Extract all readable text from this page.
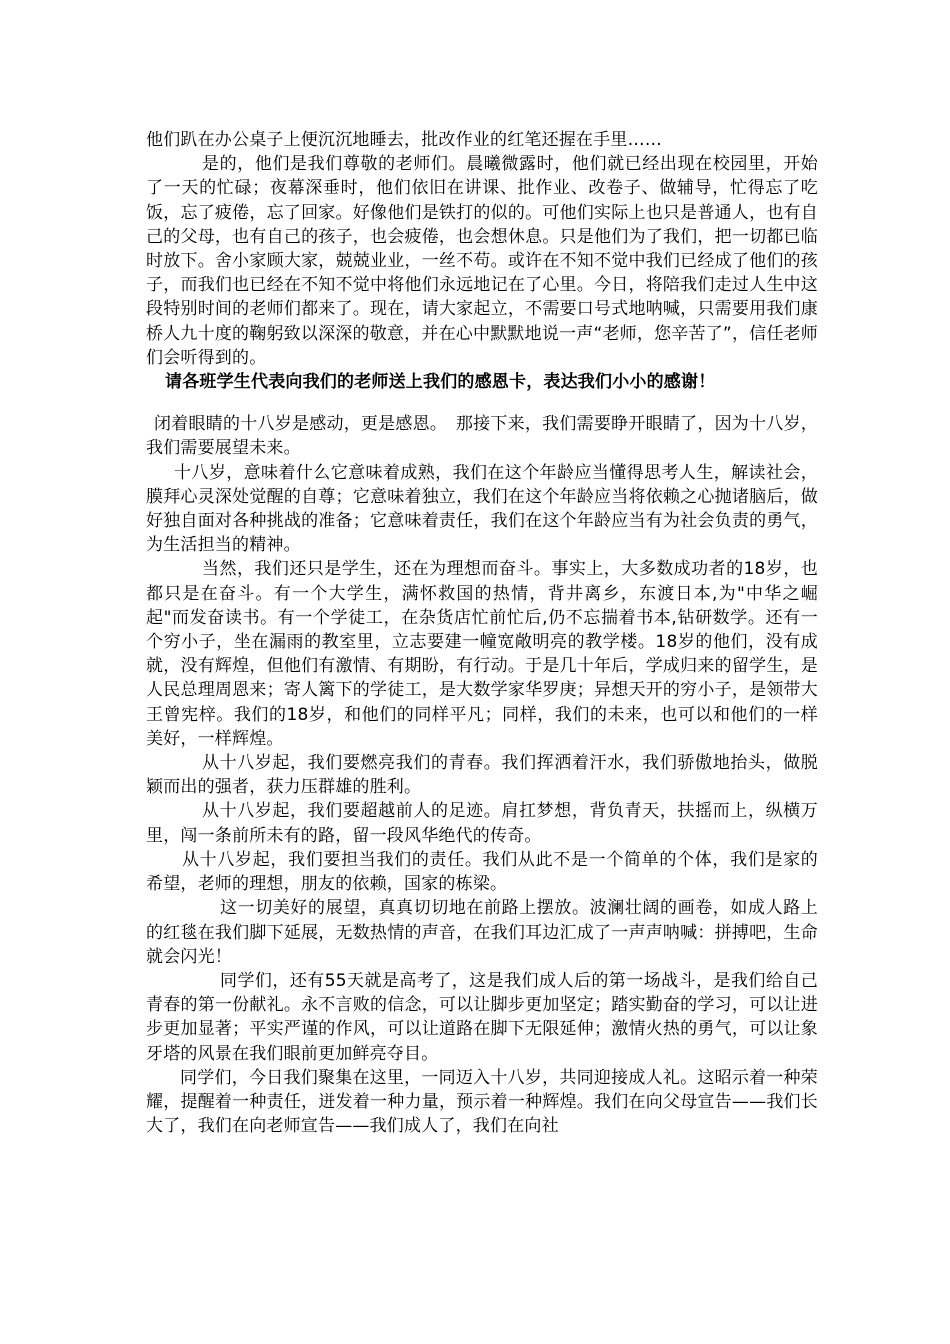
他们趴在办公桌子上便沉沉地睡去，批改作业的红笔还握在手里……

是的，他们是我们尊敬的老师们。晨曦微露时，他们就已经出现在校园里，开始了一天的忙碌；夜幕深垂时，他们依旧在讲课、批作业、改卷子、做辅导，忙得忘了吃饭，忘了疲倦，忘了回家。好像他们是铁打的似的。可他们实际上也只是普通人，也有自己的父母，也有自己的孩子，也会疲倦，也会想休息。只是他们为了我们，把一切都已临时放下。舍小家顾大家，兢兢业业，一丝不苟。或许在不知不觉中我们已经成了他们的孩子，而我们也已经在不知不觉中将他们永远地记在了心里。今日，将陪我们走过人生中这段特别时间的老师们都来了。现在，请大家起立，不需要口号式地呐喊，只需要用我们康桥人九十度的鞠躬致以深深的敬意，并在心中默默地说一声“老师，您辛苦了”，信任老师们会听得到的。

请各班学生代表向我们的老师送上我们的感恩卡，表达我们小小的感谢！

闭着眼睛的十八岁是感动，更是感恩。　那接下来，我们需要睁开眼睛了，因为十八岁，我们需要展望未来。

十八岁，意味着什么它意味着成熟，我们在这个年龄应当懂得思考人生，解读社会，膜拜心灵深处觉醒的自尊；它意味着独立，我们在这个年龄应当将依赖之心抛诸脑后，做好独自面对各种挑战的准备；它意味着责任，我们在这个年龄应当有为社会负责的勇气，为生活担当的精神。

当然，我们还只是学生，还在为理想而奋斗。事实上，大多数成功者的18岁，也都只是在奋斗。有一个大学生，满怀救国的热情，背井离乡，东渡日本,为"中华之崛起"而发奋读书。有一个学徒工，在杂货店忙前忙后,仍不忘揣着书本,钻研数学。还有一个穷小子，坐在漏雨的教室里，立志要建一幢宽敞明亮的教学楼。18岁的他们，没有成就，没有辉煌，但他们有激情、有期盼，有行动。于是几十年后，学成归来的留学生，是人民总理周恩来；寄人篱下的学徒工，是大数学家华罗庚；异想天开的穷小子，是领带大王曾宪梓。我们的18岁，和他们的同样平凡；同样，我们的未来，也可以和他们的一样美好，一样辉煌。

从十八岁起，我们要燃亮我们的青春。我们挥洒着汗水，我们骄傲地抬头，做脱颖而出的强者，获力压群雄的胜利。

从十八岁起，我们要超越前人的足迹。肩扛梦想，背负青天，扶摇而上，纵横万里，闯一条前所未有的路，留一段风华绝代的传奇。

从十八岁起，我们要担当我们的责任。我们从此不是一个简单的个体，我们是家的希望，老师的理想，朋友的依赖，国家的栋梁。

这一切美好的展望，真真切切地在前路上摆放。波澜壮阔的画卷，如成人路上的红毯在我们脚下延展，无数热情的声音，在我们耳边汇成了一声声呐喊：拼搏吧，生命就会闪光！

同学们，还有55天就是高考了，这是我们成人后的第一场战斗，是我们给自己青春的第一份献礼。永不言败的信念，可以让脚步更加坚定；踏实勤奋的学习，可以让进步更加显著；平实严谨的作风，可以让道路在脚下无限延伸；激情火热的勇气，可以让象牙塔的风景在我们眼前更加鲜亮夺目。

同学们，今日我们聚集在这里，一同迈入十八岁，共同迎接成人礼。这昭示着一种荣耀，提醒着一种责任，迸发着一种力量，预示着一种辉煌。我们在向父母宣告——我们长大了，我们在向老师宣告——我们成人了，我们在向社
